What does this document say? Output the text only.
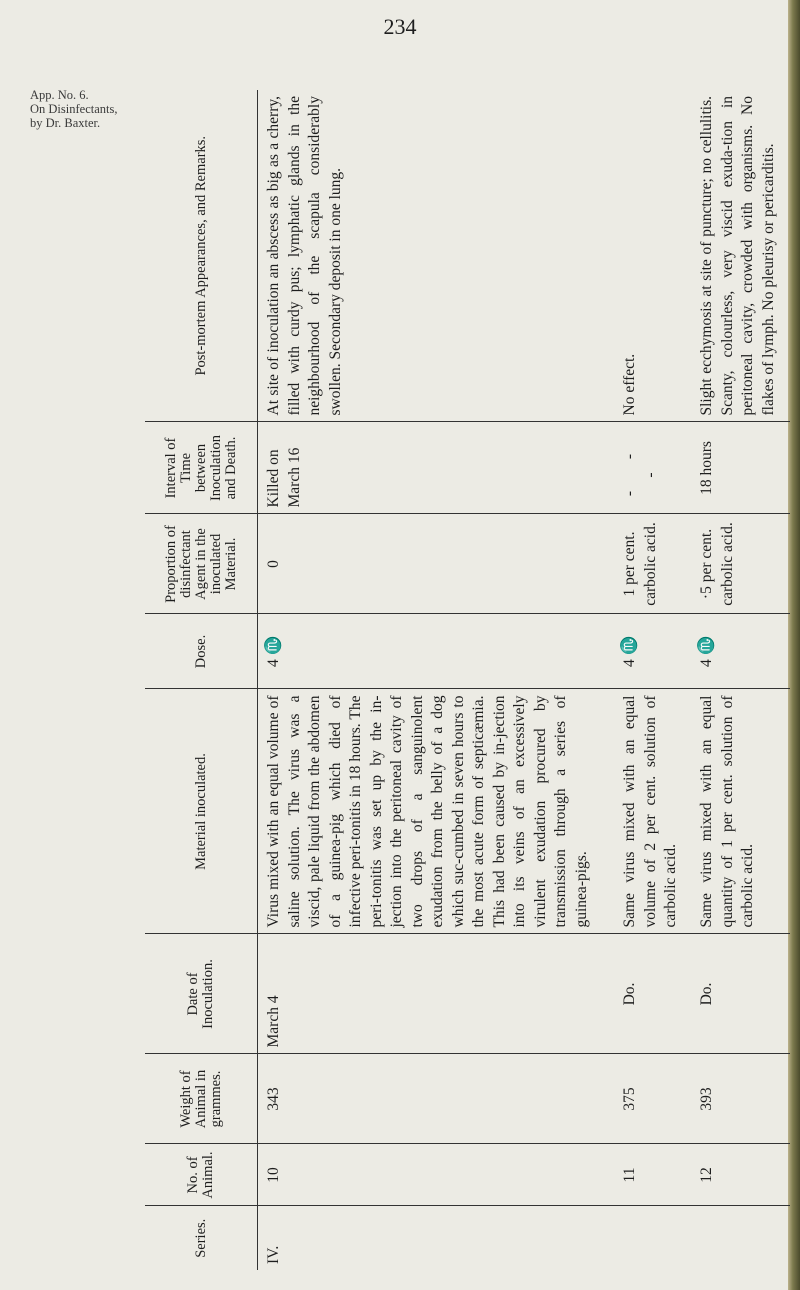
234
App. No. 6.
On Disinfectants,
by Dr. Baxter.
Series.	No. of Animal.	Weight of Animal in grammes.	Date of Inoculation.	Material inoculated.	Dose.	Proportion of disinfectant Agent in the inoculated Material.	Interval of Time between Inoculation and Death.	Post-mortem Appearances, and Remarks.
IV.	10	343	March 4	Virus mixed with an equal volume of saline solution. The virus was a viscid, pale liquid from the abdomen of a guinea-pig which died of infective peri-tonitis in 18 hours. The peri-tonitis was set up by the in-jection into the peritoneal cavity of two drops of a sanguinolent exudation from the belly of a dog which suc-cumbed in seven hours to the most acute form of septicæmia. This had been caused by in-jection into its veins of an excessively virulent exudation procured by transmission through a series of guinea-pigs.	4 ♏	0	Killed on March 16	At site of inoculation an abscess as big as a cherry, filled with curdy pus; lymphatic glands in the neighbourhood of the scapula considerably swollen. Secondary deposit in one lung.
	11	375	Do.	Same virus mixed with an equal volume of 2 per cent. solution of carbolic acid.	4 ♏	1 per cent. carbolic acid.	- - -	No effect.
	12	393	Do.	Same virus mixed with an equal quantity of 1 per cent. solution of carbolic acid.	4 ♏	·5 per cent. carbolic acid.	18 hours	Slight ecchymosis at site of puncture; no cellulitis. Scanty, colourless, very viscid exuda-tion in peritoneal cavity, crowded with organisms. No flakes of lymph. No pleurisy or pericarditis.
